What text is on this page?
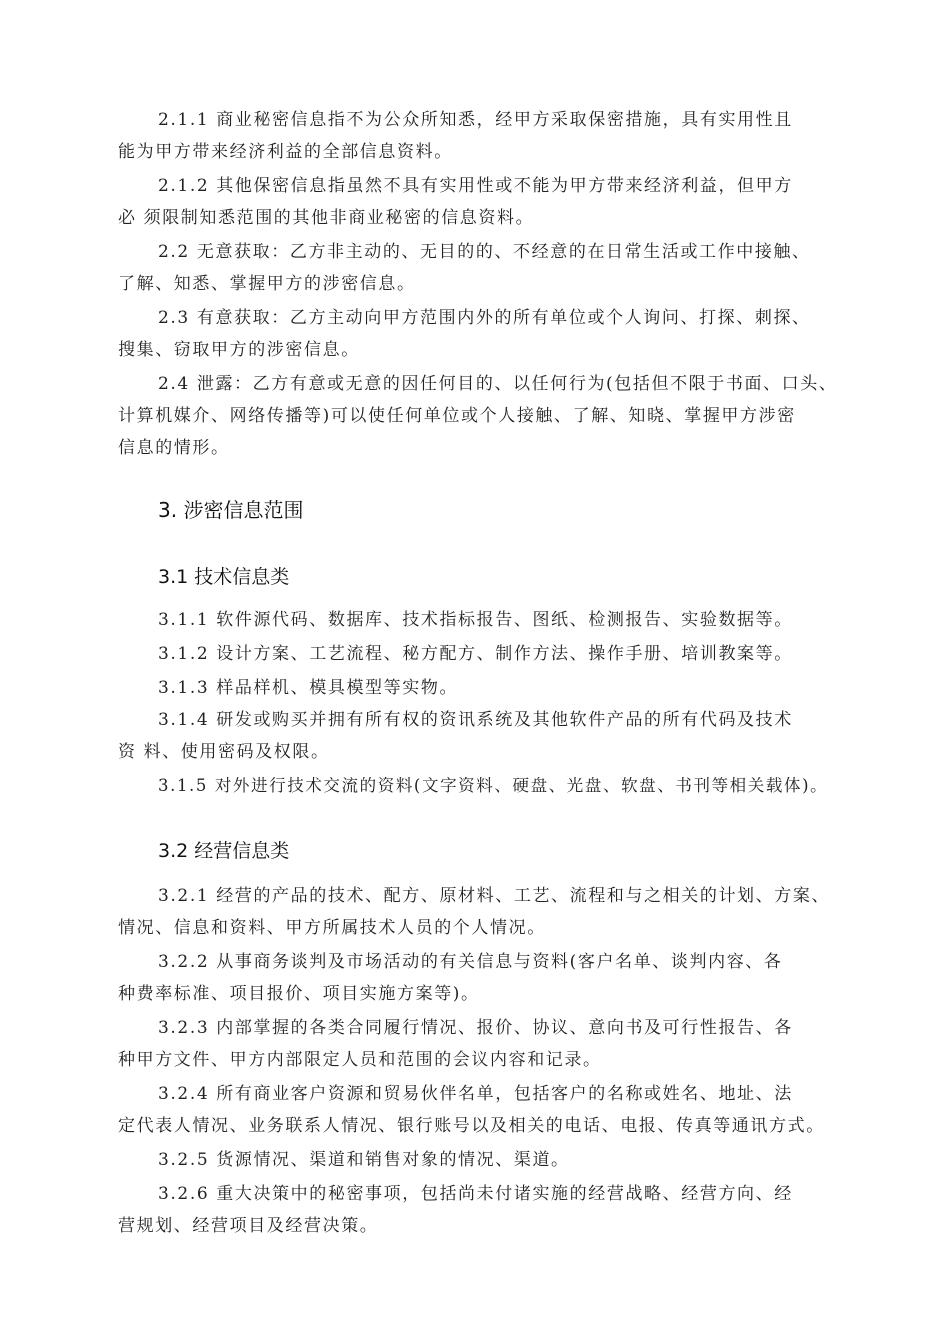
2.1.1 商业秘密信息指不为公众所知悉，经甲方采取保密措施，具有实用性且
能为甲方带来经济利益的全部信息资料。

2.1.2 其他保密信息指虽然不具有实用性或不能为甲方带来经济利益，但甲方
必 须限制知悉范围的其他非商业秘密的信息资料。

2.2 无意获取：乙方非主动的、无目的的、不经意的在日常生活或工作中接触、
了解、知悉、掌握甲方的涉密信息。

2.3 有意获取：乙方主动向甲方范围内外的所有单位或个人询问、打探、刺探、
搜集、窃取甲方的涉密信息。

2.4 泄露：乙方有意或无意的因任何目的、以任何行为(包括但不限于书面、口头、
计算机媒介、网络传播等)可以使任何单位或个人接触、了解、知晓、掌握甲方涉密
信息的情形。

3. 涉密信息范围
3.1 技术信息类

3.1.1 软件源代码、数据库、技术指标报告、图纸、检测报告、实验数据等。

3.1.2 设计方案、工艺流程、秘方配方、制作方法、操作手册、培训教案等。

3.1.3 样品样机、模具模型等实物。

3.1.4 研发或购买并拥有所有权的资讯系统及其他软件产品的所有代码及技术
资 料、使用密码及权限。

3.1.5 对外进行技术交流的资料(文字资料、硬盘、光盘、软盘、书刊等相关载体)。

3.2 经营信息类

3.2.1 经营的产品的技术、配方、原材料、工艺、流程和与之相关的计划、方案、
情况、信息和资料、甲方所属技术人员的个人情况。

3.2.2 从事商务谈判及市场活动的有关信息与资料(客户名单、谈判内容、各
种费率标准、项目报价、项目实施方案等)。

3.2.3 内部掌握的各类合同履行情况、报价、协议、意向书及可行性报告、各
种甲方文件、甲方内部限定人员和范围的会议内容和记录。

3.2.4 所有商业客户资源和贸易伙伴名单，包括客户的名称或姓名、地址、法
定代表人情况、业务联系人情况、银行账号以及相关的电话、电报、传真等通讯方式。

3.2.5 货源情况、渠道和销售对象的情况、渠道。

3.2.6 重大决策中的秘密事项，包括尚未付诸实施的经营战略、经营方向、经
营规划、经营项目及经营决策。
